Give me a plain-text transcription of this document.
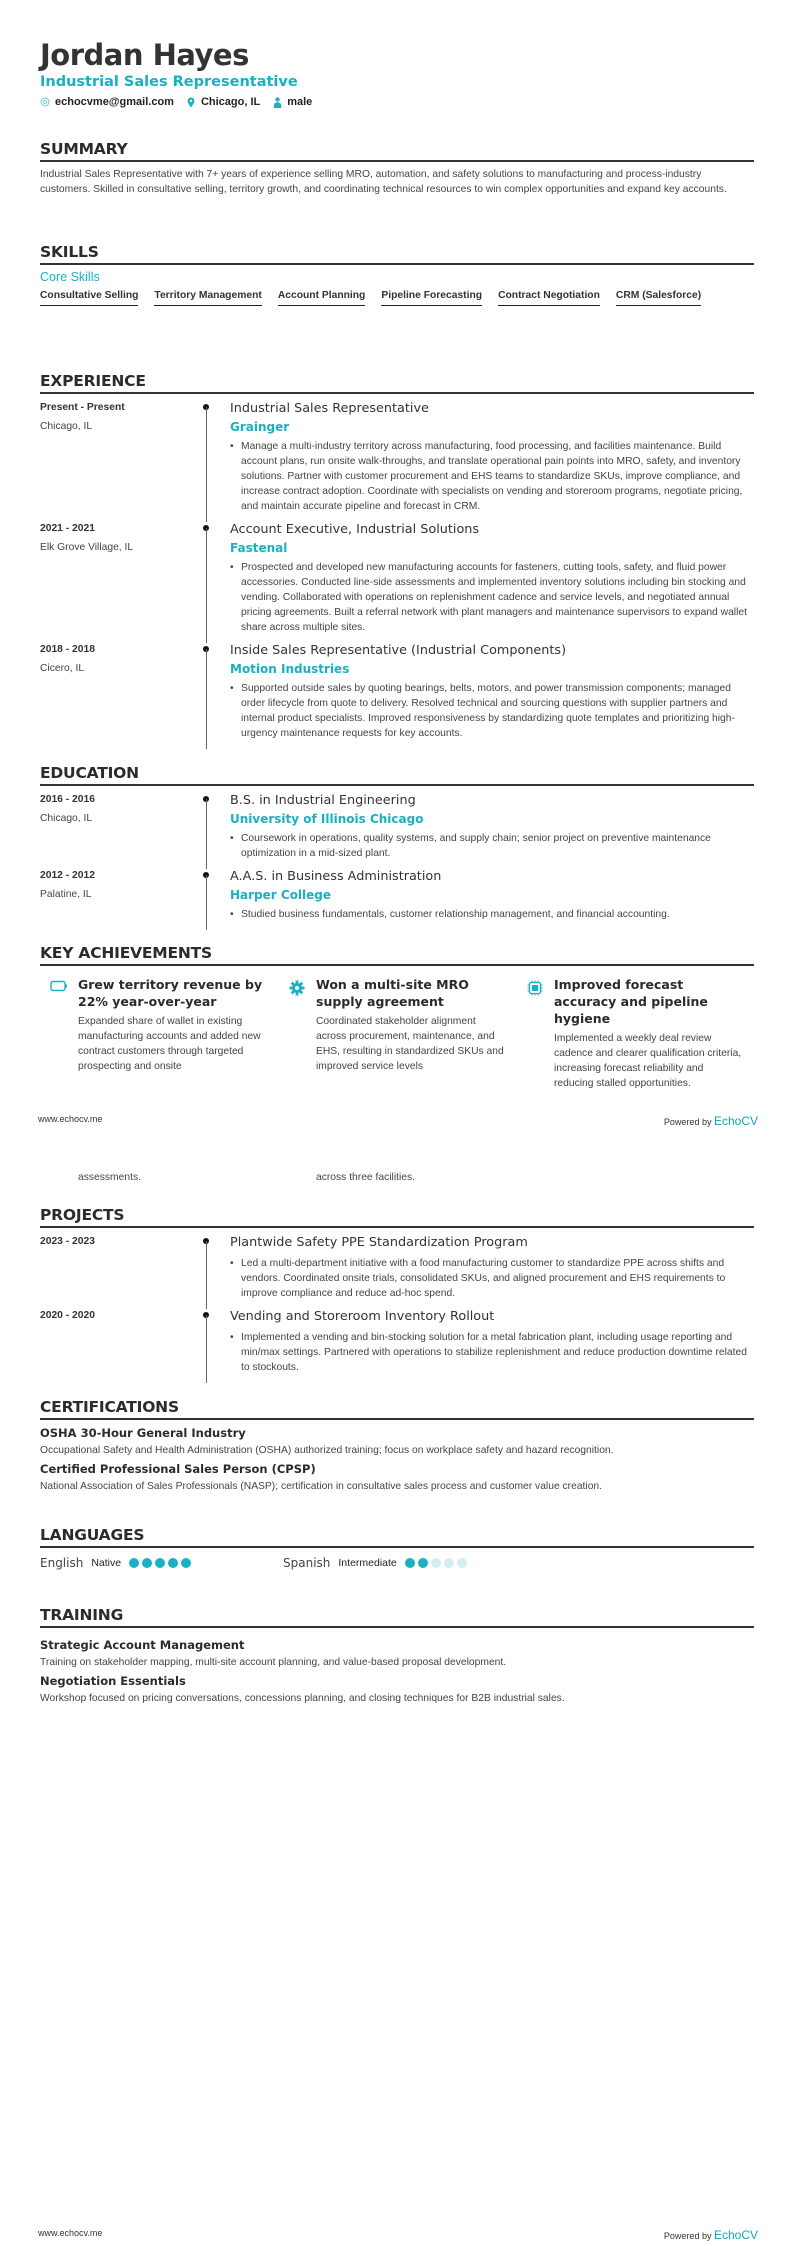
Jordan Hayes
Industrial Sales Representative
echocvme@gmail.com Chicago, IL male
SUMMARY
Industrial Sales Representative with 7+ years of experience selling MRO, automation, and safety solutions to manufacturing and process-industry customers. Skilled in consultative selling, territory growth, and coordinating technical resources to win complex opportunities and expand key accounts.
SKILLS
Core Skills
Consultative Selling Territory Management Account Planning Pipeline Forecasting Contract Negotiation CRM (Salesforce)
EXPERIENCE
Present - Present
Chicago, IL
Industrial Sales Representative
Grainger
• Manage a multi-industry territory across manufacturing, food processing, and facilities maintenance. Build account plans, run onsite walk-throughs, and translate operational pain points into MRO, safety, and inventory solutions. Partner with customer procurement and EHS teams to standardize SKUs, improve compliance, and increase contract adoption. Coordinate with specialists on vending and storeroom programs, negotiate pricing, and maintain accurate pipeline and forecast in CRM.
2021 - 2021
Elk Grove Village, IL
Account Executive, Industrial Solutions
Fastenal
• Prospected and developed new manufacturing accounts for fasteners, cutting tools, safety, and fluid power accessories. Conducted line-side assessments and implemented inventory solutions including bin stocking and vending. Collaborated with operations on replenishment cadence and service levels, and negotiated annual pricing agreements. Built a referral network with plant managers and maintenance supervisors to expand wallet share across multiple sites.
2018 - 2018
Cicero, IL
Inside Sales Representative (Industrial Components)
Motion Industries
• Supported outside sales by quoting bearings, belts, motors, and power transmission components; managed order lifecycle from quote to delivery. Resolved technical and sourcing questions with supplier partners and internal product specialists. Improved responsiveness by standardizing quote templates and prioritizing high-urgency maintenance requests for key accounts.
EDUCATION
2016 - 2016
Chicago, IL
B.S. in Industrial Engineering
University of Illinois Chicago
• Coursework in operations, quality systems, and supply chain; senior project on preventive maintenance optimization in a mid-sized plant.
2012 - 2012
Palatine, IL
A.A.S. in Business Administration
Harper College
• Studied business fundamentals, customer relationship management, and financial accounting.
KEY ACHIEVEMENTS
Grew territory revenue by 22% year-over-year
Expanded share of wallet in existing manufacturing accounts and added new contract customers through targeted prospecting and onsite
Won a multi-site MRO supply agreement
Coordinated stakeholder alignment across procurement, maintenance, and EHS, resulting in standardized SKUs and improved service levels
Improved forecast accuracy and pipeline hygiene
Implemented a weekly deal review cadence and clearer qualification criteria, increasing forecast reliability and reducing stalled opportunities.
www.echocv.me	Powered by EchoCV
assessments.	across three facilities.
PROJECTS
2023 - 2023	Plantwide Safety PPE Standardization Program
• Led a multi-department initiative with a food manufacturing customer to standardize PPE across shifts and vendors. Coordinated onsite trials, consolidated SKUs, and aligned procurement and EHS requirements to improve compliance and reduce ad-hoc spend.
2020 - 2020	Vending and Storeroom Inventory Rollout
• Implemented a vending and bin-stocking solution for a metal fabrication plant, including usage reporting and min/max settings. Partnered with operations to stabilize replenishment and reduce production downtime related to stockouts.
CERTIFICATIONS
OSHA 30-Hour General Industry
Occupational Safety and Health Administration (OSHA) authorized training; focus on workplace safety and hazard recognition.
Certified Professional Sales Person (CPSP)
National Association of Sales Professionals (NASP); certification in consultative sales process and customer value creation.
LANGUAGES
English Native	Spanish Intermediate
TRAINING
Strategic Account Management
Training on stakeholder mapping, multi-site account planning, and value-based proposal development.
Negotiation Essentials
Workshop focused on pricing conversations, concessions planning, and closing techniques for B2B industrial sales.
www.echocv.me	Powered by EchoCV
